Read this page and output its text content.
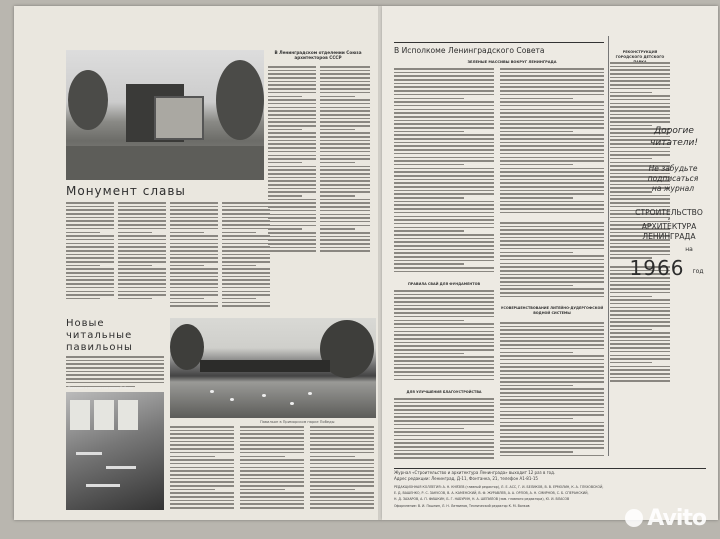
В Ленинградском отделении Союза архитекторов СССР
Монумент славы
Новые
читальные
павильоны
Павильон в Приморском парке Победы
Павильон в московском парке Победы
В Исполкоме Ленинградского Совета
ЗЕЛЕНЫЕ МАССИВЫ ВОКРУГ ЛЕНИНГРАДА
РЕКОНСТРУКЦИЯ ГОРОДСКОГО ДЕТСКОГО
ПРАВИЛА СВАЙ ДЛЯ ФУНДАМЕНТОВ
УСОВЕРШЕНСТВОВАНИЕ ЛИТЕЙНО-ДУДЕРГОФСКОЙ ВОДНОЙ СИСТЕМЫ
ДЛЯ УЛУЧШЕНИЯ БЛАГОУСТРОЙСТВА
Дорогие
читатели!
Не забудьте
подписаться
на журнал
СТРОИТЕЛЬСТВО
и
АРХИТЕКТУРА
ЛЕНИНГРАДА
на
1966	год
Журнал «Строительство и архитектура Ленинграда» выходит 12 раз в год.
Адрес редакции: Ленинград, Д-11, Фонтанка, 21, телефон А1-81-15
РЕДАКЦИОННАЯ КОЛЛЕГИЯ: А. Н. КНЯЗЕВ (главный редактор), Л. Е. АСС, Г. И. БЕЛИКОВ, В. В. ЕРМОЛИН, К. А. ГЛУХОВСКОЙ,
Е. Д. ВАШЕНКО, Р. С. ЗАКУСОВ, В. А. КАМЕНСКИЙ, В. Ф. ЖУРАВЛЕВ, А. А. ОРЛОВ, А. Н. СМИРНОВ, С. Б. СПЕРАНСКИЙ,
Н. Д. ЗАХАРОВ, А. П. ФИШКИН, Б. Г. НАБУРИН, Н. А. ШЕПИЛОВ (зам. главного редактора), Ю. И. ВЛАСОВ
Оформление: В. И. Пашнин, Л. Н. Литвинов, Технический редактор К. М. Волков	Avito
